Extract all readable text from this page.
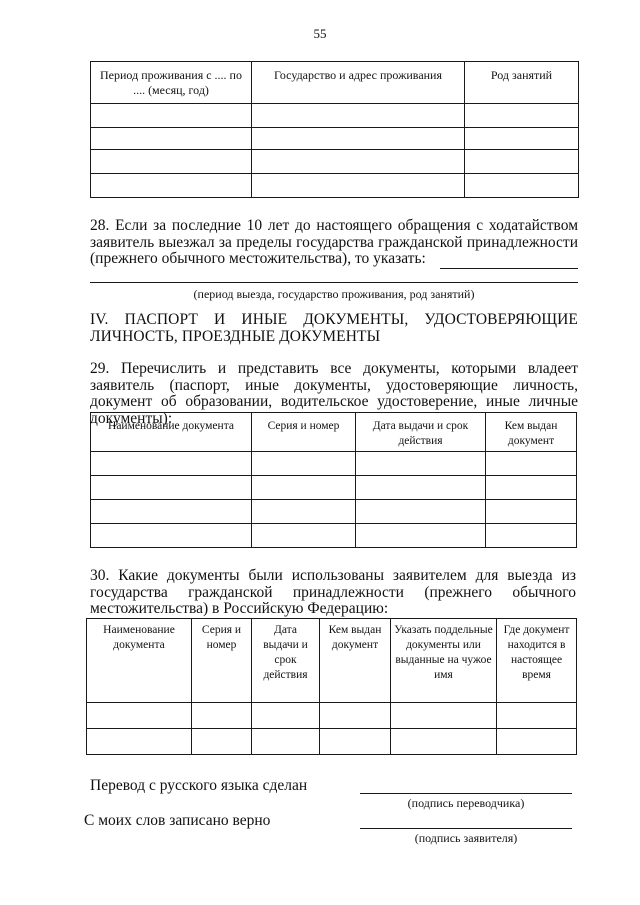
55
Период проживания с .... по .... (месяц, год)	Государство и адрес проживания	Род занятий

28. Если за последние 10 лет до настоящего обращения с ходатайством заявитель выезжал за пределы государства гражданской принадлежности (прежнего обычного местожительства), то указать:
(период выезда, государство проживания, род занятий)
IV. ПАСПОРТ И ИНЫЕ ДОКУМЕНТЫ, УДОСТОВЕРЯЮЩИЕ
ЛИЧНОСТЬ, ПРОЕЗДНЫЕ ДОКУМЕНТЫ
29. Перечислить и представить все документы, которыми владеет заявитель (паспорт, иные документы, удостоверяющие личность, документ об образовании, водительское удостоверение, иные личные документы):
Наименование документа	Серия и номер	Дата выдачи и срок действия	Кем выдан документ

30. Какие документы были использованы заявителем для выезда из государства гражданской принадлежности (прежнего обычного местожительства) в Российскую Федерацию:
Наименование документа	Серия и номер	Дата выдачи и срок действия	Кем выдан документ	Указать поддельные документы или выданные на чужое имя	Где документ находится в настоящее время

Перевод с русского языка сделан
(подпись переводчика)
С моих слов записано верно
(подпись заявителя)
